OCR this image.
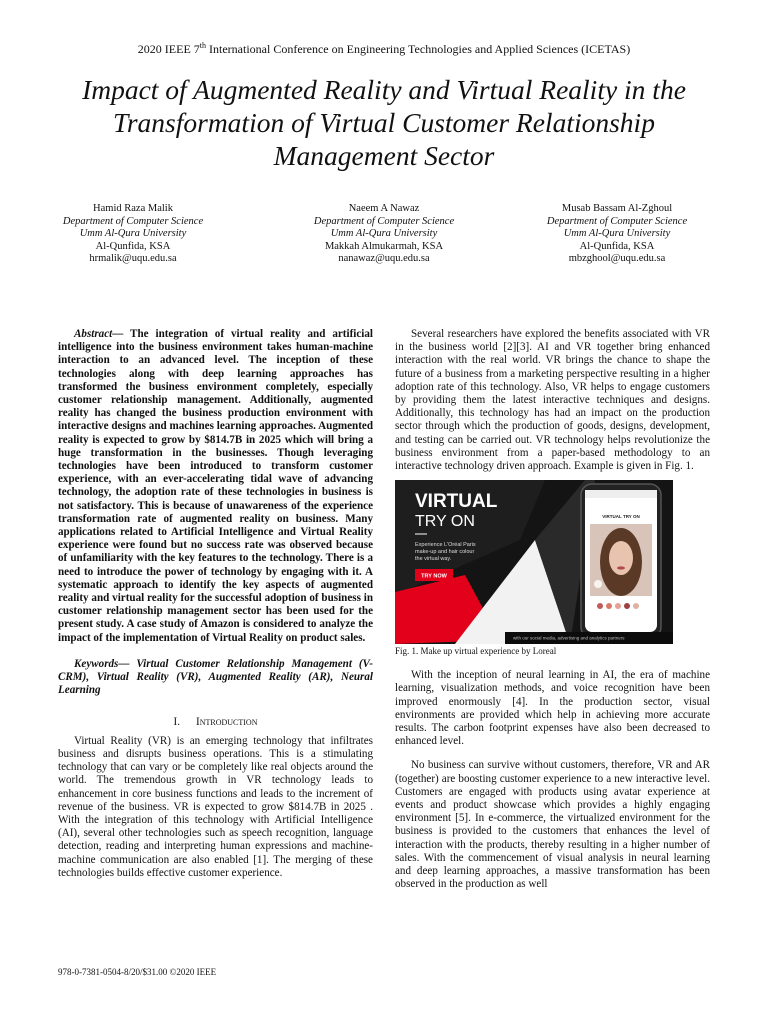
2020 IEEE 7th International Conference on Engineering Technologies and Applied Sciences (ICETAS)
Impact of Augmented Reality and Virtual Reality in the Transformation of Virtual Customer Relationship Management Sector
Hamid Raza Malik
Department of Computer Science
Umm Al-Qura University
Al-Qunfida, KSA
hrmalik@uqu.edu.sa
Naeem A Nawaz
Department of Computer Science
Umm Al-Qura University
Makkah Almukarmah, KSA
nanawaz@uqu.edu.sa
Musab Bassam Al-Zghoul
Department of Computer Science
Umm Al-Qura University
Al-Qunfida, KSA
mbzghool@uqu.edu.sa

Abstract— The integration of virtual reality and artificial intelligence into the business environment takes human-machine interaction to an advanced level. The inception of these technologies along with deep learning approaches has transformed the business environment completely, especially customer relationship management. Additionally, augmented reality has changed the business production environment with interactive designs and machines learning approaches. Augmented reality is expected to grow by $814.7B in 2025 which will bring a huge transformation in the businesses. Though leveraging technologies have been introduced to transform customer experience, with an ever-accelerating tidal wave of advancing technology, the adoption rate of these technologies in business is not satisfactory. This is because of unawareness of the experience transformation rate of augmented reality on business. Many applications related to Artificial Intelligence and Virtual Reality experience were found but no success rate was observed because of unfamiliarity with the key features to the technology. There is a need to introduce the power of technology by engaging with it. A systematic approach to identify the key aspects of augmented reality and virtual reality for the successful adoption of business in customer relationship management sector has been used for the present study. A case study of Amazon is considered to analyze the impact of the implementation of Virtual Reality on product sales.

Keywords— Virtual Customer Relationship Management (V-CRM), Virtual Reality (VR), Augmented Reality (AR), Neural Learning

I. Introduction

Virtual Reality (VR) is an emerging technology that infiltrates business and disrupts business operations. This is a stimulating technology that can vary or be completely like real objects around the world. The tremendous growth in VR technology leads to enhancement in core business functions and leads to the increment of revenue of the business. VR is expected to grow $814.7B in 2025 . With the integration of this technology with Artificial Intelligence (AI), several other technologies such as speech recognition, language detection, reading and interpreting human expressions and machine-machine communication are also enabled [1]. The merging of these technologies builds effective customer experience.

Several researchers have explored the benefits associated with VR in the business world [2][3]. AI and VR together bring enhanced interaction with the real world. VR brings the chance to shape the future of a business from a marketing perspective resulting in a higher adoption rate of this technology. Also, VR helps to engage customers by providing them the latest interactive techniques and designs. Additionally, this technology has had an impact on the production sector through which the production of goods, designs, development, and testing can be carried out. VR technology helps revolutionize the business environment from a paper-based methodology to an interactive technology driven approach. Example is given in Fig. 1.

VIRTUAL
TRY ON
Experience L'Oréal Paris make-up and hair colour the virtual way.
TRY NOW
VIRTUAL TRY ON
with our social media, advertising and analytics partners

Fig. 1. Make up virtual experience by Loreal

With the inception of neural learning in AI, the era of machine learning, visualization methods, and voice recognition have been improved enormously [4]. In the production sector, visual environments are provided which help in achieving more accurate results. The carbon footprint expenses have also been decreased to enhanced level.

No business can survive without customers, therefore, VR and AR (together) are boosting customer experience to a new interactive level. Customers are engaged with products using avatar experience at events and product showcase which provides a highly engaging environment [5]. In e-commerce, the virtualized environment for the business is provided to the customers that enhances the level of interaction with the products, thereby resulting in a higher number of sales. With the commencement of visual analysis in neural learning and deep learning approaches, a massive transformation has been observed in the production as well

978-0-7381-0504-8/20/$31.00 ©2020 IEEE
